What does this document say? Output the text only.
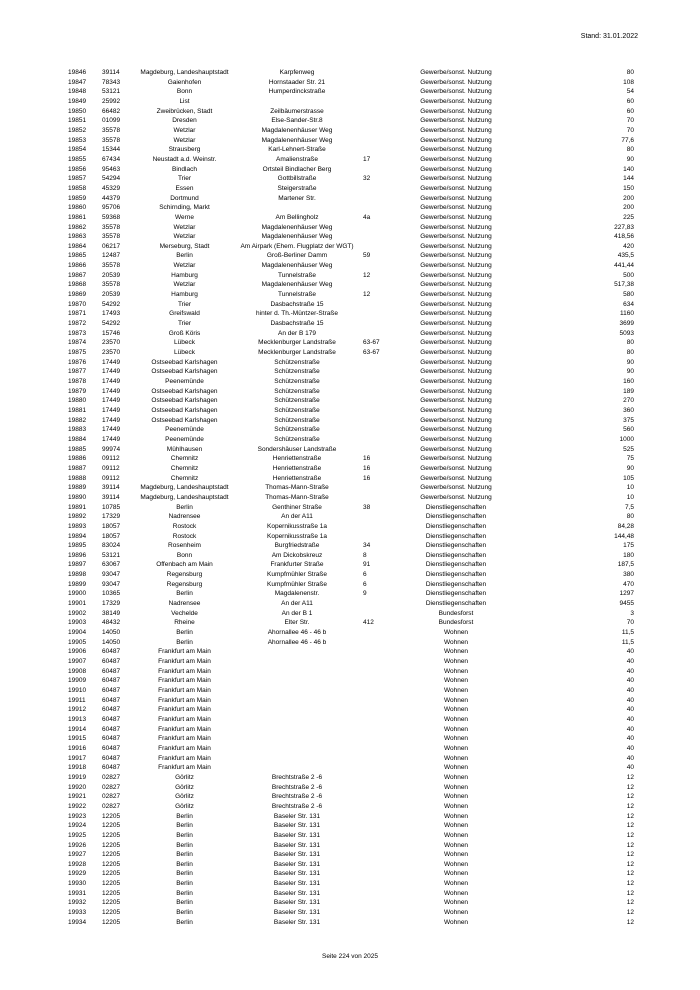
Stand: 31.01.2022
19846	39114	Magdeburg, Landeshauptstadt	Karpfenweg		Gewerbe/sonst. Nutzung	80
19847	78343	Gaienhofen	Hornstaader Str. 21		Gewerbe/sonst. Nutzung	108
19848	53121	Bonn	Humperdinckstraße		Gewerbe/sonst. Nutzung	54
19849	25992	List			Gewerbe/sonst. Nutzung	60
19850	66482	Zweibrücken, Stadt	Zeilbäumerstrasse		Gewerbe/sonst. Nutzung	60
19851	01099	Dresden	Else-Sander-Str.8		Gewerbe/sonst. Nutzung	70
19852	35578	Wetzlar	Magdalenenhäuser Weg		Gewerbe/sonst. Nutzung	70
19853	35578	Wetzlar	Magdalenenhäuser Weg		Gewerbe/sonst. Nutzung	77,6
19854	15344	Strausberg	Karl-Lehnert-Straße		Gewerbe/sonst. Nutzung	80
19855	67434	Neustadt a.d. Weinstr.	Amalienstraße	17	Gewerbe/sonst. Nutzung	90
19856	95463	Bindlach	Ortsteil Bindlacher Berg		Gewerbe/sonst. Nutzung	140
19857	54294	Trier	Gottbillstraße	32	Gewerbe/sonst. Nutzung	144
19858	45329	Essen	Steigerstraße		Gewerbe/sonst. Nutzung	150
19859	44379	Dortmund	Martener Str.		Gewerbe/sonst. Nutzung	200
19860	95706	Schirnding, Markt			Gewerbe/sonst. Nutzung	200
19861	59368	Werne	Am Bellingholz	4a	Gewerbe/sonst. Nutzung	225
19862	35578	Wetzlar	Magdalenenhäuser Weg		Gewerbe/sonst. Nutzung	227,83
19863	35578	Wetzlar	Magdalenenhäuser Weg		Gewerbe/sonst. Nutzung	418,56
19864	06217	Merseburg, Stadt	Am Airpark (Ehem. Flugplatz der WGT)		Gewerbe/sonst. Nutzung	420
19865	12487	Berlin	Groß-Berliner Damm	59	Gewerbe/sonst. Nutzung	435,5
19866	35578	Wetzlar	Magdalenenhäuser Weg		Gewerbe/sonst. Nutzung	441,44
19867	20539	Hamburg	Tunnelstraße	12	Gewerbe/sonst. Nutzung	500
19868	35578	Wetzlar	Magdalenenhäuser Weg		Gewerbe/sonst. Nutzung	517,38
19869	20539	Hamburg	Tunnelstraße	12	Gewerbe/sonst. Nutzung	580
19870	54292	Trier	Dasbachstraße 15		Gewerbe/sonst. Nutzung	634
19871	17493	Greifswald	hinter d. Th.-Müntzer-Straße		Gewerbe/sonst. Nutzung	1160
19872	54292	Trier	Dasbachstraße 15		Gewerbe/sonst. Nutzung	3699
19873	15746	Groß Köris	An der B 179		Gewerbe/sonst. Nutzung	5093
19874	23570	Lübeck	Mecklenburger Landstraße	63-67	Gewerbe/sonst. Nutzung	80
19875	23570	Lübeck	Mecklenburger Landstraße	63-67	Gewerbe/sonst. Nutzung	80
19876	17449	Ostseebad Karlshagen	Schützenstraße		Gewerbe/sonst. Nutzung	90
19877	17449	Ostseebad Karlshagen	Schützenstraße		Gewerbe/sonst. Nutzung	90
19878	17449	Peenemünde	Schützenstraße		Gewerbe/sonst. Nutzung	160
19879	17449	Ostseebad Karlshagen	Schützenstraße		Gewerbe/sonst. Nutzung	189
19880	17449	Ostseebad Karlshagen	Schützenstraße		Gewerbe/sonst. Nutzung	270
19881	17449	Ostseebad Karlshagen	Schützenstraße		Gewerbe/sonst. Nutzung	360
19882	17449	Ostseebad Karlshagen	Schützenstraße		Gewerbe/sonst. Nutzung	375
19883	17449	Peenemünde	Schützenstraße		Gewerbe/sonst. Nutzung	560
19884	17449	Peenemünde	Schützenstraße		Gewerbe/sonst. Nutzung	1000
19885	99974	Mühlhausen	Sondershäuser Landstraße		Gewerbe/sonst. Nutzung	525
19886	09112	Chemnitz	Henriettenstraße	16	Gewerbe/sonst. Nutzung	75
19887	09112	Chemnitz	Henriettenstraße	16	Gewerbe/sonst. Nutzung	90
19888	09112	Chemnitz	Henriettenstraße	16	Gewerbe/sonst. Nutzung	105
19889	39114	Magdeburg, Landeshauptstadt	Thomas-Mann-Straße		Gewerbe/sonst. Nutzung	10
19890	39114	Magdeburg, Landeshauptstadt	Thomas-Mann-Straße		Gewerbe/sonst. Nutzung	10
19891	10785	Berlin	Genthiner Straße	38	Dienstliegenschaften	7,5
19892	17329	Nadrensee	An der A11		Dienstliegenschaften	80
19893	18057	Rostock	Kopernikusstraße 1a		Dienstliegenschaften	84,28
19894	18057	Rostock	Kopernikusstraße 1a		Dienstliegenschaften	144,48
19895	83024	Rosenheim	Burgfriedstraße	34	Dienstliegenschaften	175
19896	53121	Bonn	Am Dickobskreuz	8	Dienstliegenschaften	180
19897	63067	Offenbach am Main	Frankfurter Straße	91	Dienstliegenschaften	187,5
19898	93047	Regensburg	Kumpfmühler Straße	6	Dienstliegenschaften	380
19899	93047	Regensburg	Kumpfmühler Straße	6	Dienstliegenschaften	470
19900	10365	Berlin	Magdalenenstr.	9	Dienstliegenschaften	1297
19901	17329	Nadrensee	An der A11		Dienstliegenschaften	9455
19902	38149	Vechelde	An der B 1		Bundesforst	3
19903	48432	Rheine	Elter Str.	412	Bundesforst	70
19904	14050	Berlin	Ahornallee 46 - 46 b		Wohnen	11,5
19905	14050	Berlin	Ahornallee 46 - 46 b		Wohnen	11,5
19906	60487	Frankfurt am Main			Wohnen	40
19907	60487	Frankfurt am Main			Wohnen	40
19908	60487	Frankfurt am Main			Wohnen	40
19909	60487	Frankfurt am Main			Wohnen	40
19910	60487	Frankfurt am Main			Wohnen	40
19911	60487	Frankfurt am Main			Wohnen	40
19912	60487	Frankfurt am Main			Wohnen	40
19913	60487	Frankfurt am Main			Wohnen	40
19914	60487	Frankfurt am Main			Wohnen	40
19915	60487	Frankfurt am Main			Wohnen	40
19916	60487	Frankfurt am Main			Wohnen	40
19917	60487	Frankfurt am Main			Wohnen	40
19918	60487	Frankfurt am Main			Wohnen	40
19919	02827	Görlitz	Brechtstraße 2 -6		Wohnen	12
19920	02827	Görlitz	Brechtstraße 2 -6		Wohnen	12
19921	02827	Görlitz	Brechtstraße 2 -6		Wohnen	12
19922	02827	Görlitz	Brechtstraße 2 -6		Wohnen	12
19923	12205	Berlin	Baseler Str. 131		Wohnen	12
19924	12205	Berlin	Baseler Str. 131		Wohnen	12
19925	12205	Berlin	Baseler Str. 131		Wohnen	12
19926	12205	Berlin	Baseler Str. 131		Wohnen	12
19927	12205	Berlin	Baseler Str. 131		Wohnen	12
19928	12205	Berlin	Baseler Str. 131		Wohnen	12
19929	12205	Berlin	Baseler Str. 131		Wohnen	12
19930	12205	Berlin	Baseler Str. 131		Wohnen	12
19931	12205	Berlin	Baseler Str. 131		Wohnen	12
19932	12205	Berlin	Baseler Str. 131		Wohnen	12
19933	12205	Berlin	Baseler Str. 131		Wohnen	12
19934	12205	Berlin	Baseler Str. 131		Wohnen	12
Seite 224 von 2025
